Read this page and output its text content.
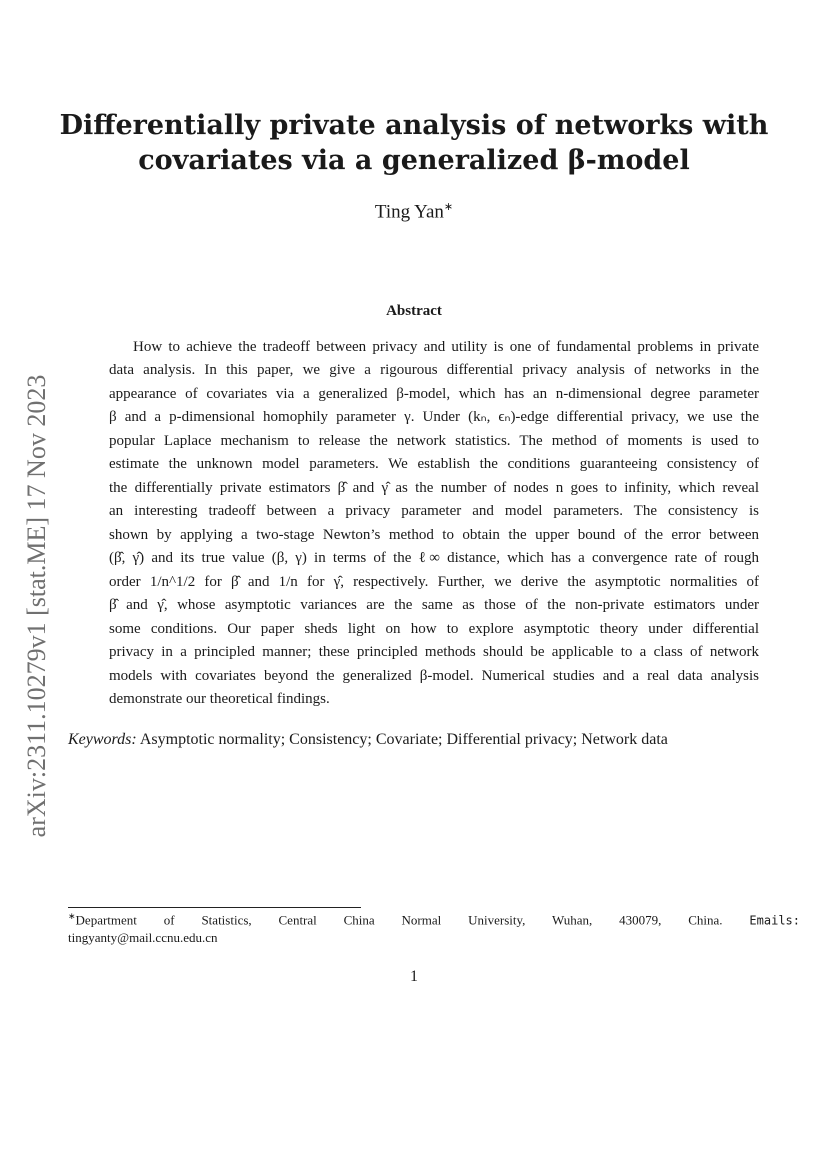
Differentially private analysis of networks with
covariates via a generalized β-model
Ting Yan∗
Abstract
How to achieve the tradeoff between privacy and utility is one of fundamental problems in private
data analysis. In this paper, we give a rigourous differential privacy analysis of networks in the
appearance of covariates via a generalized β-model, which has an n-dimensional degree parameter
β and a p-dimensional homophily parameter γ. Under (kₙ, ϵₙ)-edge differential privacy, we use the
popular Laplace mechanism to release the network statistics. The method of moments is used to
estimate the unknown model parameters. We establish the conditions guaranteeing consistency of
the differentially private estimators β̂ and γ̂ as the number of nodes n goes to infinity, which reveal
an interesting tradeoff between a privacy parameter and model parameters. The consistency is
shown by applying a two-stage Newton’s method to obtain the upper bound of the error between
(β̂, γ̂) and its true value (β, γ) in terms of the ℓ∞ distance, which has a convergence rate of rough
order 1/n^1/2 for β̂ and 1/n for γ̂, respectively. Further, we derive the asymptotic normalities of
β̂ and γ̂, whose asymptotic variances are the same as those of the non-private estimators under
some conditions. Our paper sheds light on how to explore asymptotic theory under differential
privacy in a principled manner; these principled methods should be applicable to a class of network
models with covariates beyond the generalized β-model. Numerical studies and a real data analysis
demonstrate our theoretical findings.
Keywords: Asymptotic normality; Consistency; Covariate; Differential privacy; Network data
∗Department of Statistics, Central China Normal University, Wuhan, 430079, China. Emails:
tingyanty@mail.ccnu.edu.cn
1
arXiv:2311.10279v1 [stat.ME] 17 Nov 2023
